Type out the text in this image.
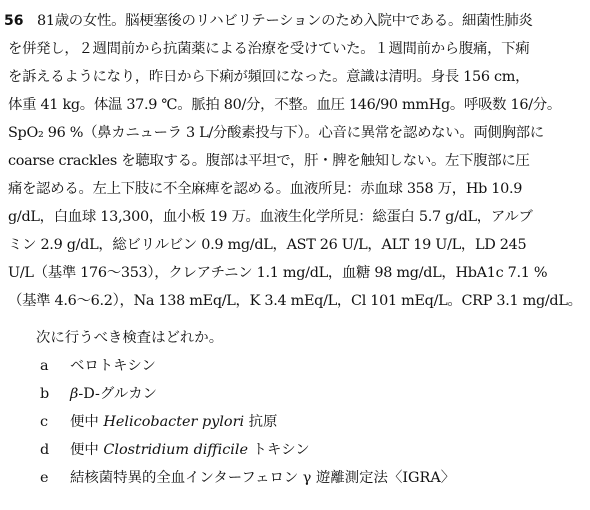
56 81歳の女性。脳梗塞後のリハビリテーションのため入院中である。細菌性肺炎
を併発し，２週間前から抗菌薬による治療を受けていた。１週間前から腹痛，下痢
を訴えるようになり，昨日から下痢が頻回になった。意識は清明。身長 156 cm，
体重 41 kg。体温 37.9 ℃。脈拍 80/分，不整。血圧 146/90 mmHg。呼吸数 16/分。
SpO₂ 96 %（鼻カニューラ 3 L/分酸素投与下）。心音に異常を認めない。両側胸部に
coarse crackles を聴取する。腹部は平坦で，肝・脾を触知しない。左下腹部に圧
痛を認める。左上下肢に不全麻痺を認める。血液所見：赤血球 358 万，Hb 10.9
g/dL，白血球 13,300，血小板 19 万。血液生化学所見：総蛋白 5.7 g/dL，アルブ
ミン 2.9 g/dL，総ビリルビン 0.9 mg/dL，AST 26 U/L，ALT 19 U/L，LD 245
U/L（基準 176〜353），クレアチニン 1.1 mg/dL，血糖 98 mg/dL，HbA1c 7.1 %
（基準 4.6〜6.2），Na 138 mEq/L，K 3.4 mEq/L，Cl 101 mEq/L。CRP 3.1 mg/dL。
次に行うべき検査はどれか。
a ベロトキシン
b β-D-グルカン
c 便中 Helicobacter pylori 抗原
d 便中 Clostridium difficile トキシン
e 結核菌特異的全血インターフェロン γ 遊離測定法〈IGRA〉
